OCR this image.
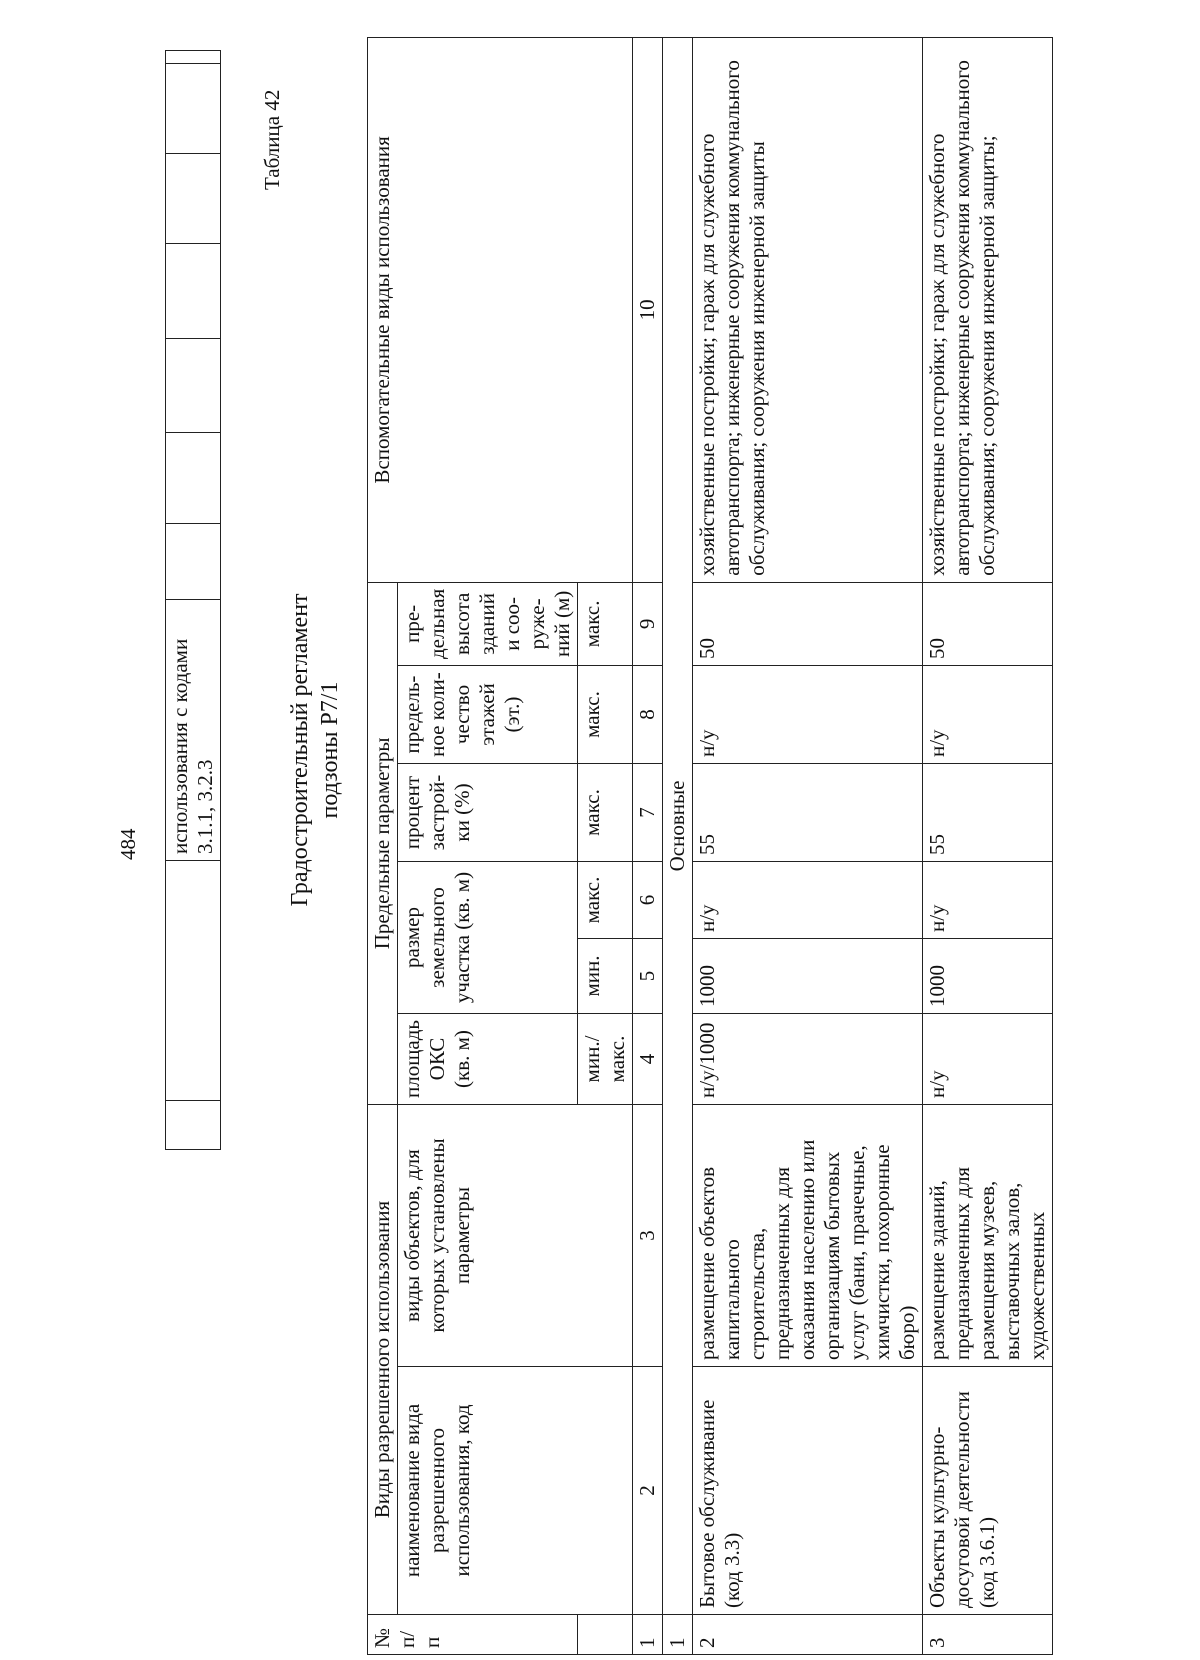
484
		использования с кодами 3.1.1, 3.2.3

Таблица 42
Градостроительный регламент подзоны Р7/1
№ п/п	Виды разрешенного использования		Предельные параметры						Вспомогательные виды использования
	наименование вида разрешенного использования, код	виды объектов, для которых установлены параметры	площадь ОКС (кв. м)	размер земельного участка (кв. м)		процент застрой-ки (%)	предель-ное коли-чество этажей (эт.)	пре-дельная высота зданий и соо-руже-ний (м)	
			мин./макс.	мин.	макс.	макс.	макс.	макс.	
1	2	3	4	5	6	7	8	9	10
1	Основные								
2	Бытовое обслуживание (код 3.3)	размещение объектов капитального строительства, предназначенных для оказания населению или организациям бытовых услуг (бани, прачечные, химчистки, похоронные бюро)	н/у/1000	1000	н/у	55	н/у	50	хозяйственные постройки; гараж для служебного автотранспорта; инженерные сооружения коммунального обслуживания; сооружения инженерной защиты
3	Объекты культурно-досуговой деятельности (код 3.6.1)	размещение зданий, предназначенных для размещения музеев, выставочных залов, художественных	н/у	1000	н/у	55	н/у	50	хозяйственные постройки; гараж для служебного автотранспорта; инженерные сооружения коммунального обслуживания; сооружения инженерной защиты;
